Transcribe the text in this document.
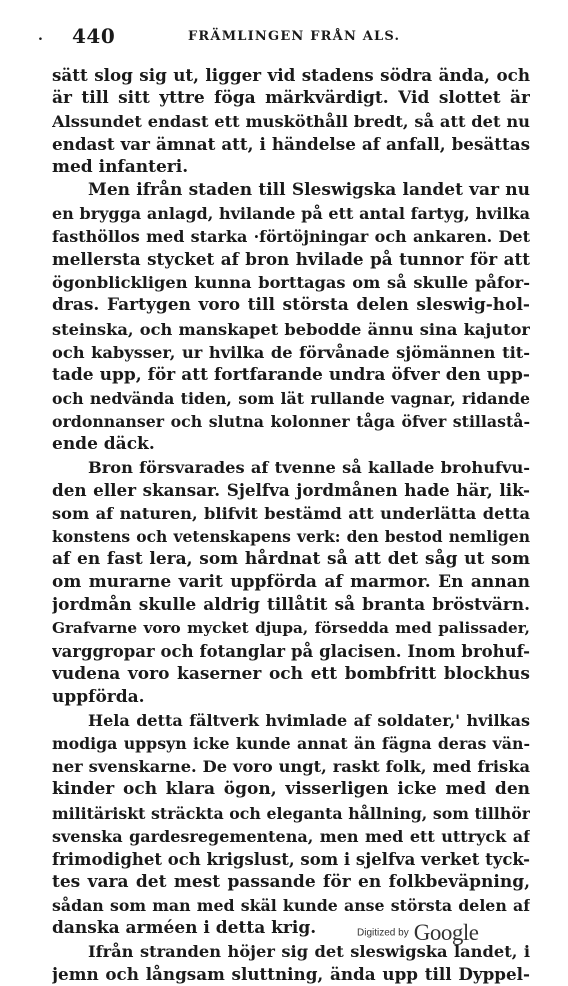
. 440	FRÄMLINGEN FRÅN ALS.
sätt slog sig ut, ligger vid stadens södra ända, och
är till sitt yttre föga märkvärdigt. Vid slottet är
Alssundet endast ett musköthåll bredt, så att det nu
endast var ämnat att, i händelse af anfall, besättas
med infanteri.
Men ifrån staden till Sleswigska landet var nu
en brygga anlagd, hvilande på ett antal fartyg, hvilka
fasthöllos med starka ·förtöjningar och ankaren. Det
mellersta stycket af bron hvilade på tunnor för att
ögonblickligen kunna borttagas om så skulle påfor-
dras. Fartygen voro till största delen sleswig-hol-
steinska, och manskapet bebodde ännu sina kajutor
och kabysser, ur hvilka de förvånade sjömännen tit-
tade upp, för att fortfarande undra öfver den upp-
och nedvända tiden, som lät rullande vagnar, ridande
ordonnanser och slutna kolonner tåga öfver stillastå-
ende däck.
Bron försvarades af tvenne så kallade brohufvu-
den eller skansar. Sjelfva jordmånen hade här, lik-
som af naturen, blifvit bestämd att underlätta detta
konstens och vetenskapens verk: den bestod nemligen
af en fast lera, som hårdnat så att det såg ut som
om murarne varit uppförda af marmor. En annan
jordmån skulle aldrig tillåtit så branta bröstvärn.
Grafvarne voro mycket djupa, försedda med palissader,
varggropar och fotanglar på glacisen. Inom brohuf-
vudena voro kaserner och ett bombfritt blockhus
uppförda.
Hela detta fältverk hvimlade af soldater,' hvilkas
modiga uppsyn icke kunde annat än fägna deras vän-
ner svenskarne. De voro ungt, raskt folk, med friska
kinder och klara ögon, visserligen icke med den
militäriskt sträckta och eleganta hållning, som tillhör
svenska gardesregementena, men med ett uttryck af
frimodighet och krigslust, som i sjelfva verket tyck-
tes vara det mest passande för en folkbeväpning,
sådan som man med skäl kunde anse största delen af
danska arméen i detta krig.
Ifrån stranden höjer sig det sleswigska landet, i
jemn och långsam sluttning, ända upp till Dyppel-
Digitized by Google
